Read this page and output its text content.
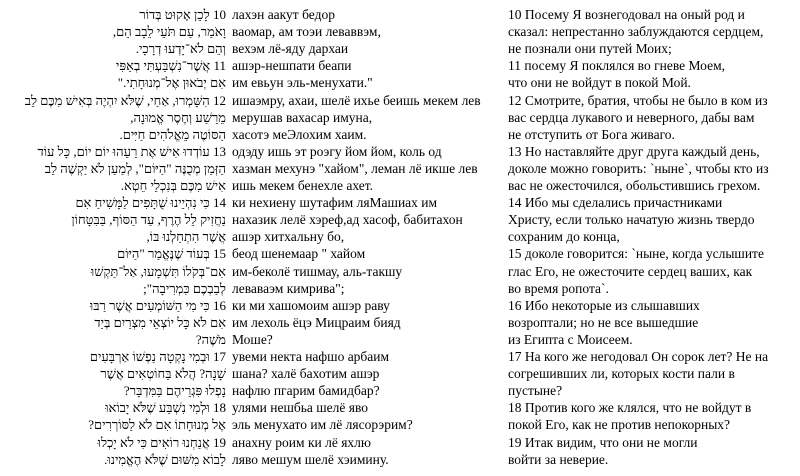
10 לָכֵן אָקוּט בְּדוֹר лахэн аакут бедор	10 Посему Я вознегодовал на оный род и
וָאֹמַר, עַם תֹּעֵי לֵבָב הֵם, ваомар, ам тоэи леваввэм,	сказал: непрестанно заблуждаются сердцем,
וְהֵם לֹא־יָדְעוּ דְרָכָי. вехэм лё-яду дархаи	не познали они путей Моих;
11 אֲשֶׁר־נִשְׁבַּעְתִּי בְאַפִּי ашэр-нешпати беапи	11 посему Я поклялся во гневе Моем,
אִם יְבֹאוּן אֶל־מְנוּחָתִי." им евьун эль-менухати."	что они не войдут в покой Мой.
12 הִשָּׁמְרוּ, אַחַי, שֶׁלֹּא יִהְיֶה בְּאִישׁ מִכֶּם לֵב ишаэмру, ахаи, шелё ихье беишь мекем лев	12 Смотрите, братия, чтобы не было в ком из
מֵרֵשַׁע וְחֶסֶר אֱמוּנָה, мерушав вахасар имуна,	вас сердца лукавого и неверного, дабы вам
הַסּוֹטֶה מֵאֱלֹהִים חַיִּים. хасотэ меЭлохим хаим.	не отступить от Бога живаго.
13 עוֹדְדוּ אִישׁ אֶת רֵעֵהוּ יוֹם יוֹם, כָּל עוֹד одэду ишь эт роэгу йом йом, коль од	13 Но наставляйте друг друга каждый день,
הַזְּמַן מְכֻנֶּה "הַיּוֹם", לְמַעַן לֹא יַקְשֶׁה לֵב хазман мехунэ "хайом", леман лё икше лев	доколе можно говорить: `ныне`, чтобы кто из
אִישׁ מִכֶּם בְּנִכְלֵי חֵטְא. ишь мекем бенехле ахет.	вас не ожесточился, обольстившись грехом.
14 כִּי נִהְיֵינוּ שֻׁתָּפִים לַמָּשִׁיחַ אִם ки нехиену шутафим ляМашиах им	14 Ибо мы сделались причастниками
נַחֲזִיק לֵל הֶרֶף, עַד הַסּוֹף, בַּבִּטָּחוֹן нахазик лелё хэреф,ад хасоф, бабитахон	Христу, если только начатую жизнь твердо
אֲשֶׁר הִתְחַלְנוּ בּוֹ, ашэр хитхальну бо,	сохраним до конца,
15 בְּעוֹד שֶׁנֶּאֱמַר "הַיּוֹם беод шенемаар " хайом	15 доколе говорится: `ныне, когда услышите
אִם־בְּקֹלוֹ תִּשְׁמָעוּ, אַל־תַּקְשׁוּ им-беколё тишмау, аль-такшу	глас Его, не ожесточите сердец ваших, как
לְבַבְכֶם כִּמְרִיבָה"; леваваэм кимрива";	во время ропота`.
16 כִּי מִי הַשּׁוֹמְעִים אֲשֶׁר רַבּוּ ки ми хашомоим ашэр раву	16 Ибо некоторые из слышавших
אִם לֹא כָּל יוֹצְאֵי מִצְרַיִם בְּיַד им лехоль ёцэ Мицраим бияд	возроптали; но не все вышедшие
מֹשֶׁה? Моше?	из Египта с Моисеем.
17 וּבְמִי נָקְטָה נַפְשׁוֹ אַרְבָּעִים увеми некта нафшо арбаим	17 На кого же негодовал Он сорок лет? Не на
שָׁנָה? הֲלֹא בַּחוֹטְאִים אֲשֶׁר шана? халё бахотим ашэр	согрешивших ли, которых кости пали в
נָפְלוּ פִּגְרֵיהֶם בַּמִּדְבָּר? нафлю пгарим бамидбар?	пустыне?
18 וּלְמִי נִשְׁבַּע שֶׁלֹּא יָבוֹאוּ улями нешбьа шелё яво	18 Против кого же клялся, что не войдут в
אֶל מְנוּחָתוֹ אִם לֹא לַסּוֹרְרִים? эль менухато им лё лясорэрим?	покой Его, как не против непокорных?
19 אֲנַחְנוּ רוֹאִים כִּי לֹא יָכְלוּ анахну роим ки лё яхлю	19 Итак видим, что они не могли
לָבוֹא מִשּׁוּם שֶׁלֹּא הֶאֱמִינוּ. ляво мешум шелё хэимину.	войти за неверие.
